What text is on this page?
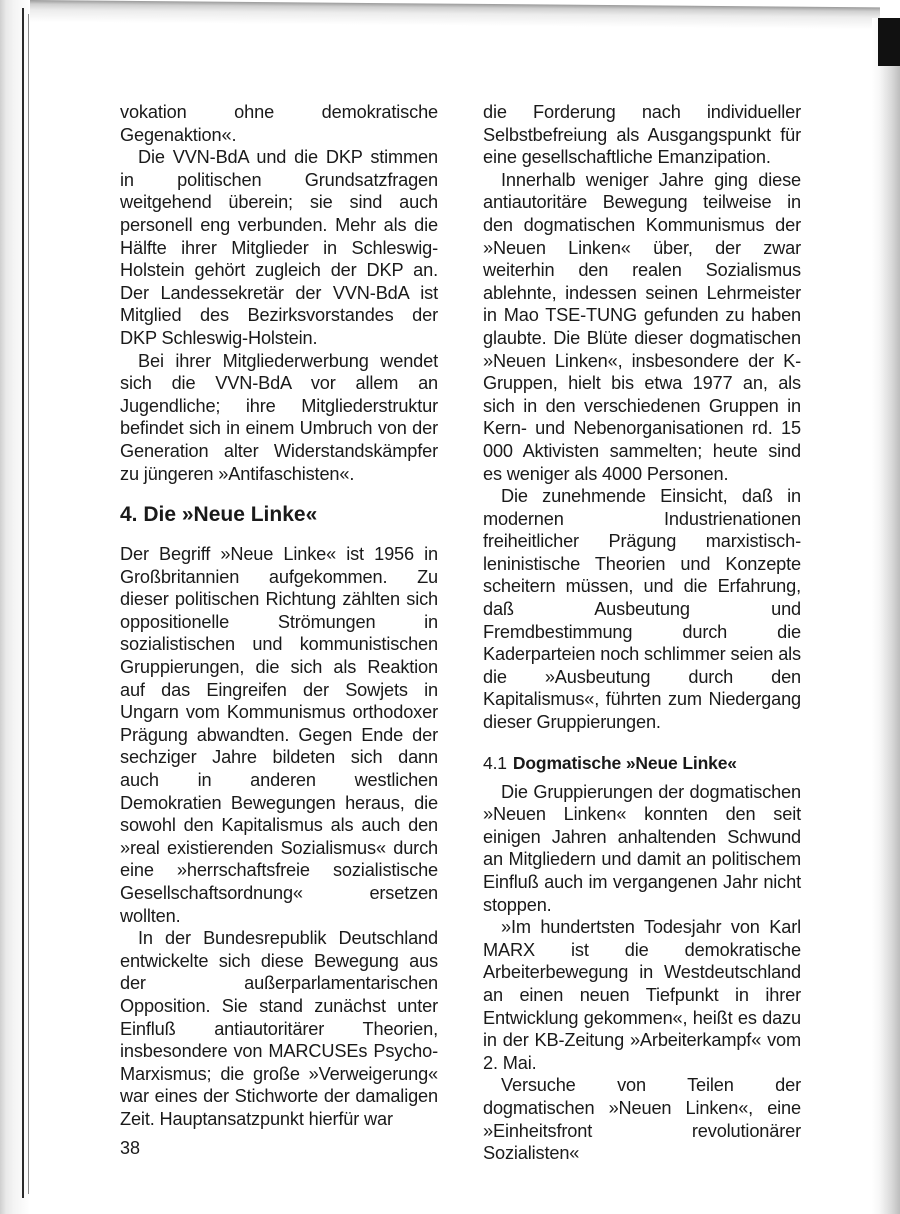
vokation ohne demokratische Gegenaktion«.

Die VVN-BdA und die DKP stimmen in politischen Grundsatzfragen weitgehend überein; sie sind auch personell eng verbunden. Mehr als die Hälfte ihrer Mitglieder in Schleswig-Holstein gehört zugleich der DKP an. Der Landessekretär der VVN-BdA ist Mitglied des Bezirksvorstandes der DKP Schleswig-Holstein.

Bei ihrer Mitgliederwerbung wendet sich die VVN-BdA vor allem an Jugendliche; ihre Mitgliederstruktur befindet sich in einem Umbruch von der Generation alter Widerstandskämpfer zu jüngeren »Antifaschisten«.

4. Die »Neue Linke«

Der Begriff »Neue Linke« ist 1956 in Großbritannien aufgekommen. Zu dieser politischen Richtung zählten sich oppositionelle Strömungen in sozialistischen und kommunistischen Gruppierungen, die sich als Reaktion auf das Eingreifen der Sowjets in Ungarn vom Kommunismus orthodoxer Prägung abwandten. Gegen Ende der sechziger Jahre bildeten sich dann auch in anderen westlichen Demokratien Bewegungen heraus, die sowohl den Kapitalismus als auch den »real existierenden Sozialismus« durch eine »herrschaftsfreie sozialistische Gesellschaftsordnung« ersetzen wollten.

In der Bundesrepublik Deutschland entwickelte sich diese Bewegung aus der außerparlamentarischen Opposition. Sie stand zunächst unter Einfluß antiautoritärer Theorien, insbesondere von MARCUSEs Psycho-Marxismus; die große »Verweigerung« war eines der Stichworte der damaligen Zeit. Hauptansatzpunkt hierfür war

die Forderung nach individueller Selbstbefreiung als Ausgangspunkt für eine gesellschaftliche Emanzipation.

Innerhalb weniger Jahre ging diese antiautoritäre Bewegung teilweise in den dogmatischen Kommunismus der »Neuen Linken« über, der zwar weiterhin den realen Sozialismus ablehnte, indessen seinen Lehrmeister in Mao TSE-TUNG gefunden zu haben glaubte. Die Blüte dieser dogmatischen »Neuen Linken«, insbesondere der K-Gruppen, hielt bis etwa 1977 an, als sich in den verschiedenen Gruppen in Kern- und Nebenorganisationen rd. 15 000 Aktivisten sammelten; heute sind es weniger als 4000 Personen.

Die zunehmende Einsicht, daß in modernen Industrienationen freiheitlicher Prägung marxistisch-leninistische Theorien und Konzepte scheitern müssen, und die Erfahrung, daß Ausbeutung und Fremdbestimmung durch die Kaderparteien noch schlimmer seien als die »Ausbeutung durch den Kapitalismus«, führten zum Niedergang dieser Gruppierungen.

4.1 Dogmatische »Neue Linke«

Die Gruppierungen der dogmatischen »Neuen Linken« konnten den seit einigen Jahren anhaltenden Schwund an Mitgliedern und damit an politischem Einfluß auch im vergangenen Jahr nicht stoppen.

»Im hundertsten Todesjahr von Karl MARX ist die demokratische Arbeiterbewegung in Westdeutschland an einen neuen Tiefpunkt in ihrer Entwicklung gekommen«, heißt es dazu in der KB-Zeitung »Arbeiterkampf« vom 2. Mai.

Versuche von Teilen der dogmatischen »Neuen Linken«, eine »Einheitsfront revolutionärer Sozialisten«

38
